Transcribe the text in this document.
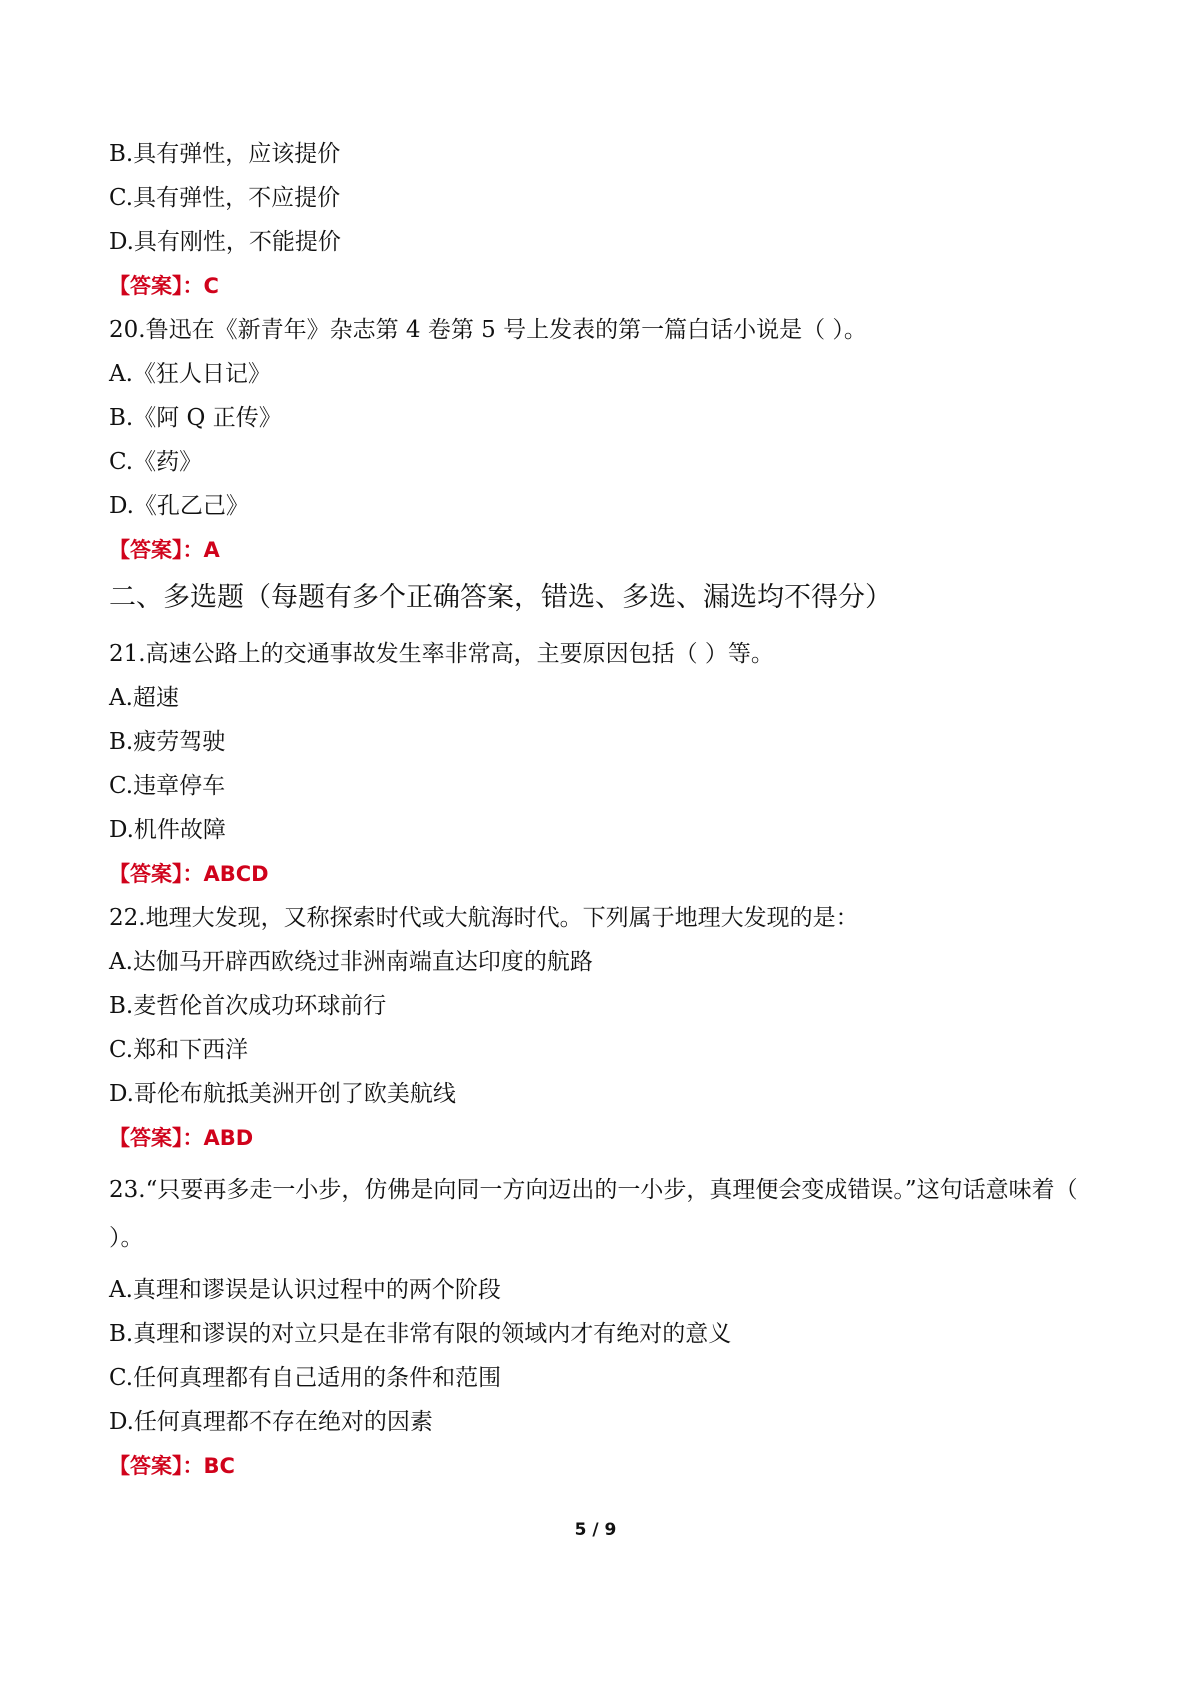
B.具有弹性，应该提价
C.具有弹性，不应提价
D.具有刚性，不能提价
【答案】：C
20.鲁迅在《新青年》杂志第 4 卷第 5 号上发表的第一篇白话小说是（ ）。
A.《狂人日记》
B.《阿 Q 正传》
C.《药》
D.《孔乙己》
【答案】：A
二、多选题（每题有多个正确答案，错选、多选、漏选均不得分）
21.高速公路上的交通事故发生率非常高，主要原因包括（ ）等。
A.超速
B.疲劳驾驶
C.违章停车
D.机件故障
【答案】：ABCD
22.地理大发现，又称探索时代或大航海时代。下列属于地理大发现的是：
A.达伽马开辟西欧绕过非洲南端直达印度的航路
B.麦哲伦首次成功环球前行
C.郑和下西洋
D.哥伦布航抵美洲开创了欧美航线
【答案】：ABD
23.“只要再多走一小步，仿佛是向同一方向迈出的一小步，真理便会变成错误。”这句话意味着（ ）。
A.真理和谬误是认识过程中的两个阶段
B.真理和谬误的对立只是在非常有限的领域内才有绝对的意义
C.任何真理都有自己适用的条件和范围
D.任何真理都不存在绝对的因素
【答案】：BC
5 / 9
